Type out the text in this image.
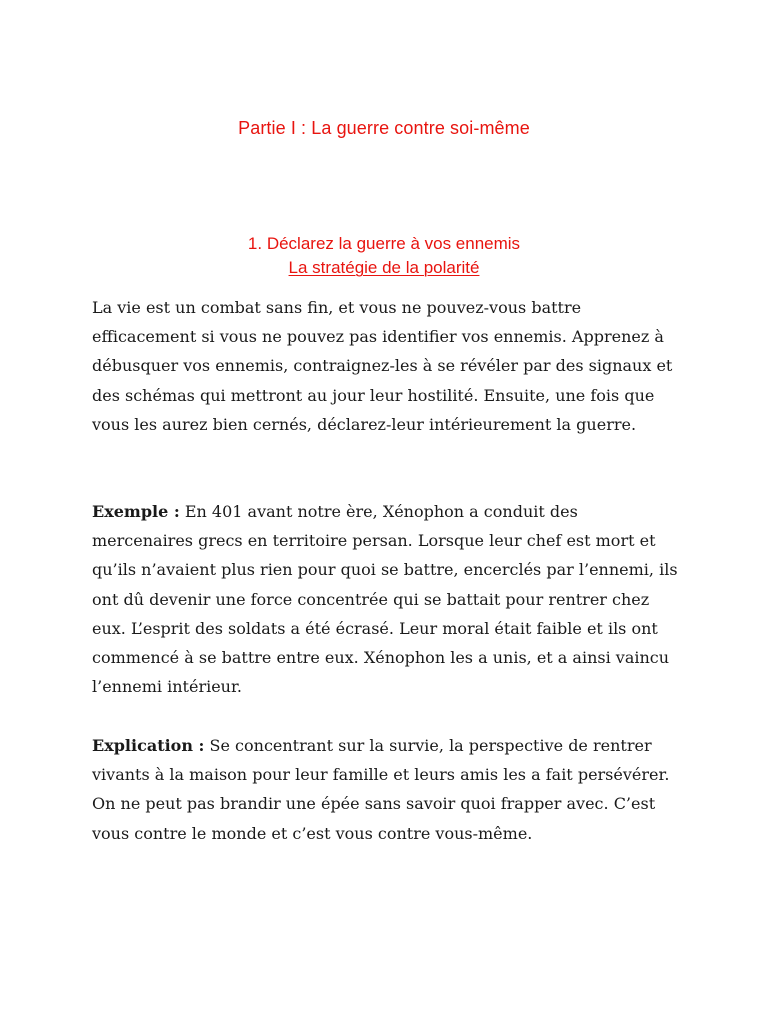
Partie I : La guerre contre soi-même
1. Déclarez la guerre à vos ennemis
La stratégie de la polarité

La vie est un combat sans fin, et vous ne pouvez-vous battre efficacement si vous ne pouvez pas identifier vos ennemis. Apprenez à débusquer vos ennemis, contraignez-les à se révéler par des signaux et des schémas qui mettront au jour leur hostilité. Ensuite, une fois que vous les aurez bien cernés, déclarez-leur intérieurement la guerre.

Exemple : En 401 avant notre ère, Xénophon a conduit des mercenaires grecs en territoire persan. Lorsque leur chef est mort et qu’ils n’avaient plus rien pour quoi se battre, encerclés par l’ennemi, ils ont dû devenir une force concentrée qui se battait pour rentrer chez eux. L’esprit des soldats a été écrasé. Leur moral était faible et ils ont commencé à se battre entre eux. Xénophon les a unis, et a ainsi vaincu l’ennemi intérieur.

Explication : Se concentrant sur la survie, la perspective de rentrer vivants à la maison pour leur famille et leurs amis les a fait persévérer. On ne peut pas brandir une épée sans savoir quoi frapper avec. C’est vous contre le monde et c’est vous contre vous-même.
